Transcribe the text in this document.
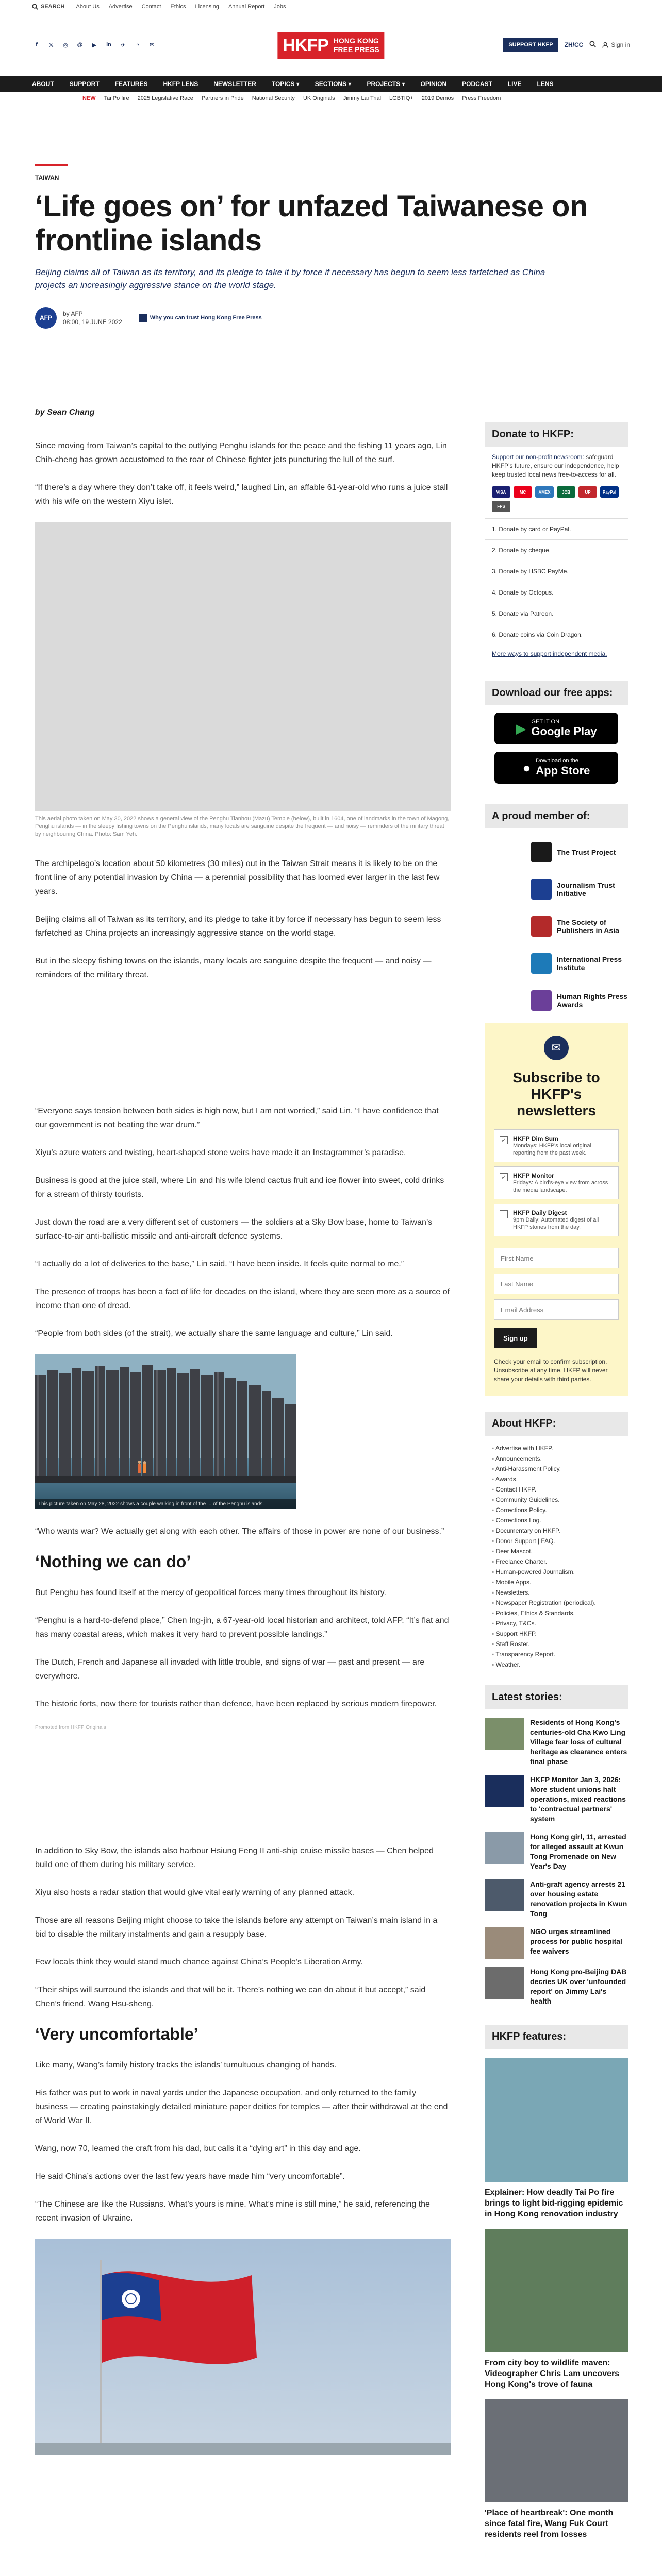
SEARCH About Us Advertise Contact Ethics Licensing Annual Report Jobs
f	𝕏	◎	@	▶	in	✈	◔	✉	HKFP HONG KONG
FREE PRESS
SUPPORT HKFP	ZH/CC	Sign in
ABOUT	SUPPORT	FEATURES	HKFP LENS	NEWSLETTER	TOPICS ▾	SECTIONS ▾	PROJECTS ▾	OPINION	PODCAST	LIVE	LENS
NEW Tai Po fire 2025 Legislative Race Partners in Pride National Security UK Originals Jimmy Lai Trial LGBTIQ+ 2019 Demos Press Freedom
TAIWAN
‘Life goes on’ for unfazed Taiwanese on frontline islands
Beijing claims all of Taiwan as its territory, and its pledge to take it by force if necessary has begun to seem less farfetched as China projects an increasingly aggressive stance on the world stage.
AFP
by AFP
08:00, 19 JUNE 2022
Why you can trust Hong Kong Free Press
by Sean Chang

Since moving from Taiwan’s capital to the outlying Penghu islands for the peace and the fishing 11 years ago, Lin Chih-cheng has grown accustomed to the roar of Chinese fighter jets puncturing the lull of the surf.

“If there’s a day where they don’t take off, it feels weird,” laughed Lin, an affable 61-year-old who runs a juice stall with his wife on the western Xiyu islet.

This aerial photo taken on May 30, 2022 shows a general view of the Penghu Tianhou (Mazu) Temple (below), built in 1604, one of landmarks in the town of Magong, Penghu islands — in the sleepy fishing towns on the Penghu islands, many locals are sanguine despite the frequent — and noisy — reminders of the military threat by neighbouring China. Photo: Sam Yeh.

The archipelago’s location about 50 kilometres (30 miles) out in the Taiwan Strait means it is likely to be on the front line of any potential invasion by China — a perennial possibility that has loomed ever larger in the last few years.

Beijing claims all of Taiwan as its territory, and its pledge to take it by force if necessary has begun to seem less farfetched as China projects an increasingly aggressive stance on the world stage.

But in the sleepy fishing towns on the islands, many locals are sanguine despite the frequent — and noisy — reminders of the military threat.

“Everyone says tension between both sides is high now, but I am not worried,” said Lin. “I have confidence that our government is not beating the war drum.”

Xiyu’s azure waters and twisting, heart-shaped stone weirs have made it an Instagrammer’s paradise.

Business is good at the juice stall, where Lin and his wife blend cactus fruit and ice flower into sweet, cold drinks for a stream of thirsty tourists.

Just down the road are a very different set of customers — the soldiers at a Sky Bow base, home to Taiwan’s surface-to-air anti-ballistic missile and anti-aircraft defence systems.

“I actually do a lot of deliveries to the base,” Lin said. “I have been inside. It feels quite normal to me.”

The presence of troops has been a fact of life for decades on the island, where they are seen more as a source of income than one of dread.

“People from both sides (of the strait), we actually share the same language and culture,” Lin said.

This picture taken on May 28, 2022 shows a couple walking in front of the ... of the Penghu islands.

“Who wants war? We actually get along with each other. The affairs of those in power are none of our business.”

‘Nothing we can do’

But Penghu has found itself at the mercy of geopolitical forces many times throughout its history.

“Penghu is a hard-to-defend place,” Chen Ing-jin, a 67-year-old local historian and architect, told AFP. “It’s flat and has many coastal areas, which makes it very hard to prevent possible landings.”

The Dutch, French and Japanese all invaded with little trouble, and signs of war — past and present — are everywhere.

The historic forts, now there for tourists rather than defence, have been replaced by serious modern firepower.

Promoted from HKFP Originals

In addition to Sky Bow, the islands also harbour Hsiung Feng II anti-ship cruise missile bases — Chen helped build one of them during his military service.

Xiyu also hosts a radar station that would give vital early warning of any planned attack.

Those are all reasons Beijing might choose to take the islands before any attempt on Taiwan’s main island in a bid to disable the military instalments and gain a resupply base.

Few locals think they would stand much chance against China’s People’s Liberation Army.

“Their ships will surround the islands and that will be it. There’s nothing we can do about it but accept,” said Chen’s friend, Wang Hsu-sheng.

‘Very uncomfortable’

Like many, Wang’s family history tracks the islands’ tumultuous changing of hands.

His father was put to work in naval yards under the Japanese occupation, and only returned to the family business — creating painstakingly detailed miniature paper deities for temples — after their withdrawal at the end of World War II.

Wang, now 70, learned the craft from his dad, but calls it a “dying art” in this day and age.

He said China’s actions over the last few years have made him “very uncomfortable”.

“The Chinese are like the Russians. What’s yours is mine. What’s mine is still mine,” he said, referencing the recent invasion of Ukraine.

Donate to HKFP:
Support our non-profit newsroom: safeguard HKFP’s future, ensure our independence, help keep trusted local news free-to-access for all.
VISA	MC	AMEX	JCB	UP	PayPal
FPS
1. Donate by card or PayPal.
2. Donate by cheque.
3. Donate by HSBC PayMe.
4. Donate by Octopus.
5. Donate via Patreon.
6. Donate coins via Coin Dragon.
More ways to support independent media.
Download our free apps:
▶ GET IT ON
Google Play
● Download on the
App Store
A proud member of:
The Trust Project
Journalism Trust Initiative
The Society of Publishers in Asia
International Press Institute
Human Rights Press Awards
✉
Subscribe to HKFP's newsletters
✓ HKFP Dim Sum
Mondays: HKFP's local original reporting from the past week.
✓ HKFP Monitor
Fridays: A bird's-eye view from across the media landscape.
HKFP Daily Digest
9pm Daily: Automated digest of all HKFP stories from the day.
First Name
Last Name
Email Address
Sign up
Check your email to confirm subscription. Unsubscribe at any time. HKFP will never share your details with third parties.
About HKFP:
▪ Advertise with HKFP.
▪ Announcements.
▪ Anti-Harassment Policy.
▪ Awards.
▪ Contact HKFP.
▪ Community Guidelines.
▪ Corrections Policy.
▪ Corrections Log.
▪ Documentary on HKFP.
▪ Donor Support | FAQ.
▪ Deer Mascot.
▪ Freelance Charter.
▪ Human-powered Journalism.
▪ Mobile Apps.
▪ Newsletters.
▪ Newspaper Registration (periodical).
▪ Policies, Ethics & Standards.
▪ Privacy, T&Cs.
▪ Support HKFP.
▪ Staff Roster.
▪ Transparency Report.
▪ Weather.
Latest stories:
Residents of Hong Kong's centuries-old Cha Kwo Ling Village fear loss of cultural heritage as clearance enters final phase
HKFP Monitor Jan 3, 2026: More student unions halt operations, mixed reactions to 'contractual partners' system
Hong Kong girl, 11, arrested for alleged assault at Kwun Tong Promenade on New Year's Day
Anti-graft agency arrests 21 over housing estate renovation projects in Kwun Tong
NGO urges streamlined process for public hospital fee waivers
Hong Kong pro-Beijing DAB decries UK over 'unfounded report' on Jimmy Lai's health
HKFP features:
Explainer: How deadly Tai Po fire brings to light bid-rigging epidemic in Hong Kong renovation industry
From city boy to wildlife maven: Videographer Chris Lam uncovers Hong Kong's trove of fauna
'Place of heartbreak': One month since fatal fire, Wang Fuk Court residents reel from losses
